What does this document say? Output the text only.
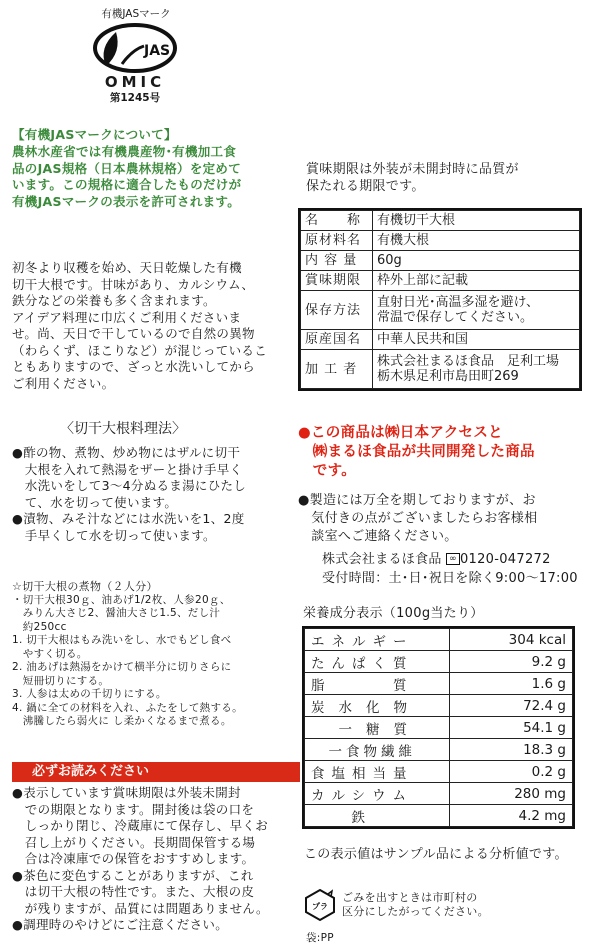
有機JASマーク
JAS
OMIC
第1245号
【有機JASマークについて】
農林水産省では有機農産物･有機加工食
品のJAS規格（日本農林規格）を定めて
います。この規格に適合したものだけが
有機JASマークの表示を許可されます。
初冬より収穫を始め、天日乾燥した有機
切干大根です。甘味があり、カルシウム、
鉄分などの栄養も多く含まれます。
アイデア料理に巾広くご利用くださいま
せ。尚、天日で干しているので自然の異物
（わらくず、ほこりなど）が混じっているこ
ともありますので、ざっと水洗いしてから
ご利用ください。
〈切干大根料理法〉
●酢の物、煮物、炒め物にはザルに切干
　大根を入れて熱湯をザーと掛け手早く
　水洗いをして3～4分ぬるま湯にひたし
　て、水を切って使います。
●漬物、みそ汁などには水洗いを1、2度
　手早くして水を切って使います。
☆切干大根の煮物（２人分）
・切干大根30ｇ、油あげ1/2枚、人参20ｇ、
　みりん大さじ2、醤油大さじ1.5、だし汁
　約250cc
1. 切干大根はもみ洗いをし、水でもどし食べ
　やすく切る。
2. 油あげは熱湯をかけて横半分に切りさらに
　短冊切りにする。
3. 人参は太めの千切りにする。
4. 鍋に全ての材料を入れ、ふたをして熱する。
　沸騰したら弱火に し柔かくなるまで煮る。
必ずお読みください
●表示しています賞味期限は外装未開封
　での期限となります。開封後は袋の口を
　しっかり閉じ、冷蔵庫にて保存し、早くお
　召し上がりください。長期間保管する場
　合は冷凍庫での保管をおすすめします。
●茶色に変色することがありますが、これ
　は切干大根の特性です。また、大根の皮
　が残りますが、品質には問題ありません。
●調理時のやけどにご注意ください。
賞味期限は外装が未開封時に品質が
保たれる期限です。
名　　称	有機切干大根
原材料名	有機大根
内 容 量	60g
賞味期限	枠外上部に記載
保存方法	直射日光･高温多湿を避け、
常温で保存してください。
原産国名	中華人民共和国
加 工 者	株式会社まるほ食品　足利工場
栃木県足利市島田町269
●この商品は㈱日本アクセスと
　㈱まるほ食品が共同開発した商品
　です。
●製造には万全を期しておりますが、お
　気付きの点がございましたらお客様相
　談室へご連絡ください。
株式会社まるほ食品 ∞ 0120-047272
受付時間：土･日･祝日を除く9:00～17:00
栄養成分表示（100g当たり）
エネルギー	304 kcal
たんぱく質	9.2 g
脂　　　質	1.6 g
炭水化物	72.4 g
　一糖質	54.1 g
　一食物繊維	18.3 g
食塩相当量	0.2 g
カルシウム	280 mg
　　　鉄	4.2 mg
この表示値はサンプル品による分析値です。
プラ
ごみを出すときは市町村の
区分にしたがってください。
袋:PP
